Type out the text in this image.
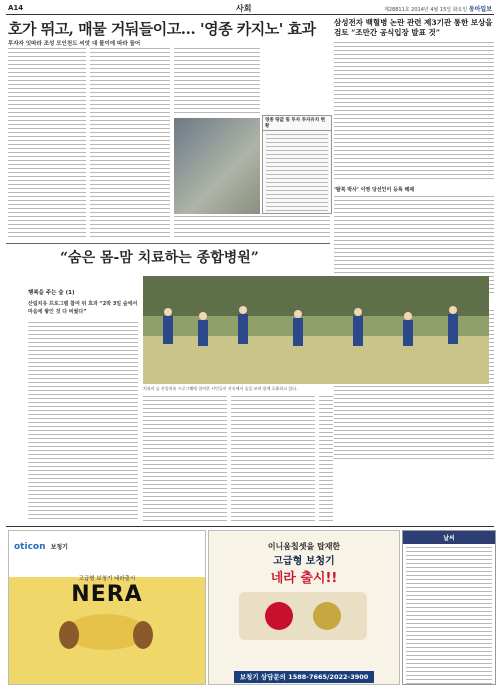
A14	사회	제28811호 2014년 4월 15일 화요일 동아일보
호가 뛰고, 매물 거둬들이고… '영종 카지노' 효과
투자자 잇따라 조성 모인천도 씨앗 대 물이에 따라 들어
영종 땅값 및 투자 투자유치 현황
삼성전자 백혈병 논란 관련 제3기관 통한 보상을 검토 “조만간 공식입장 발표 것”
‘탈북 박사’ 이영 당선인이 등록 해제
“숨은 몸-맘 치료하는 종합병원”
행복을 주는 숲 (1)
산림치유 프로그램 참여 뒤 효과 “2박 3일 숲에서 마음에 쌓인 것 다 비웠다”
치유의 숲 산림치유 프로그램에 참여한 시민들이 산속에서 숲을 보며 함께 호흡하고 있다.
oticon 보청기
고급형 보청기 네라출시
NERA
이니움칩셋을 탑재한
고급형 보청기
네라 출시!!
보청기 상담문의 1588-7665/2022-3900
날씨
